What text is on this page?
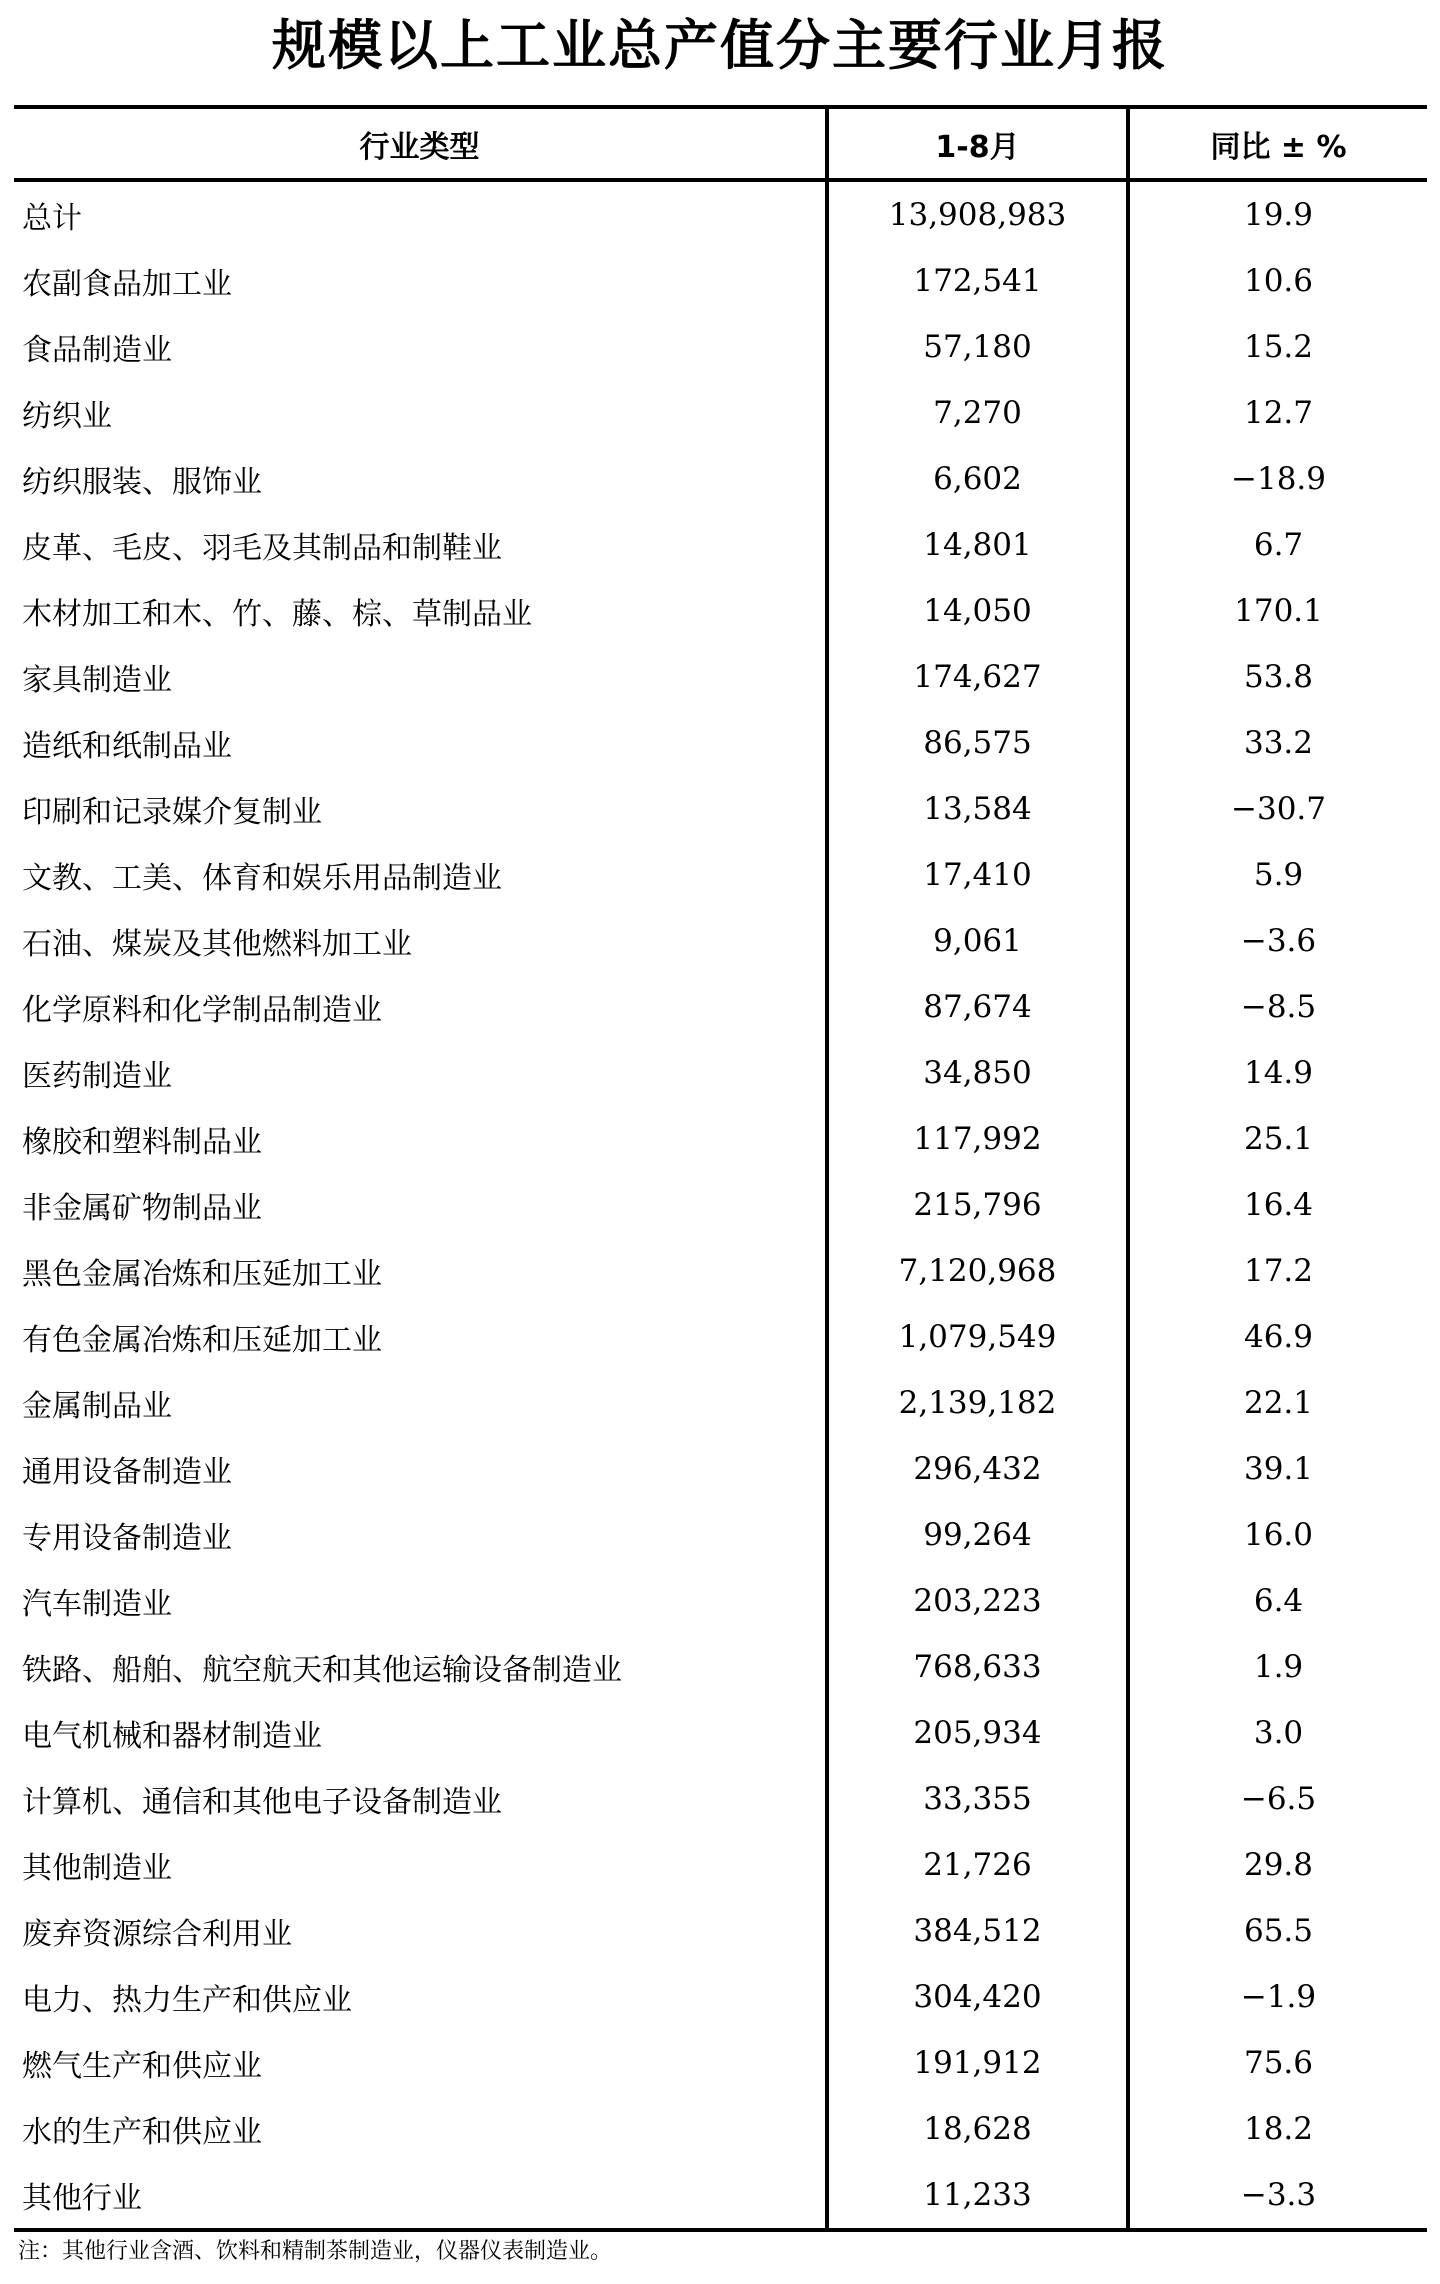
规模以上工业总产值分主要行业月报
行业类型	1-8月	同比 ± %
总计	13,908,983	19.9
农副食品加工业	172,541	10.6
食品制造业	57,180	15.2
纺织业	7,270	12.7
纺织服装、服饰业	6,602	−18.9
皮革、毛皮、羽毛及其制品和制鞋业	14,801	6.7
木材加工和木、竹、藤、棕、草制品业	14,050	170.1
家具制造业	174,627	53.8
造纸和纸制品业	86,575	33.2
印刷和记录媒介复制业	13,584	−30.7
文教、工美、体育和娱乐用品制造业	17,410	5.9
石油、煤炭及其他燃料加工业	9,061	−3.6
化学原料和化学制品制造业	87,674	−8.5
医药制造业	34,850	14.9
橡胶和塑料制品业	117,992	25.1
非金属矿物制品业	215,796	16.4
黑色金属冶炼和压延加工业	7,120,968	17.2
有色金属冶炼和压延加工业	1,079,549	46.9
金属制品业	2,139,182	22.1
通用设备制造业	296,432	39.1
专用设备制造业	99,264	16.0
汽车制造业	203,223	6.4
铁路、船舶、航空航天和其他运输设备制造业	768,633	1.9
电气机械和器材制造业	205,934	3.0
计算机、通信和其他电子设备制造业	33,355	−6.5
其他制造业	21,726	29.8
废弃资源综合利用业	384,512	65.5
电力、热力生产和供应业	304,420	−1.9
燃气生产和供应业	191,912	75.6
水的生产和供应业	18,628	18.2
其他行业	11,233	−3.3
注：其他行业含酒、饮料和精制茶制造业，仪器仪表制造业。
